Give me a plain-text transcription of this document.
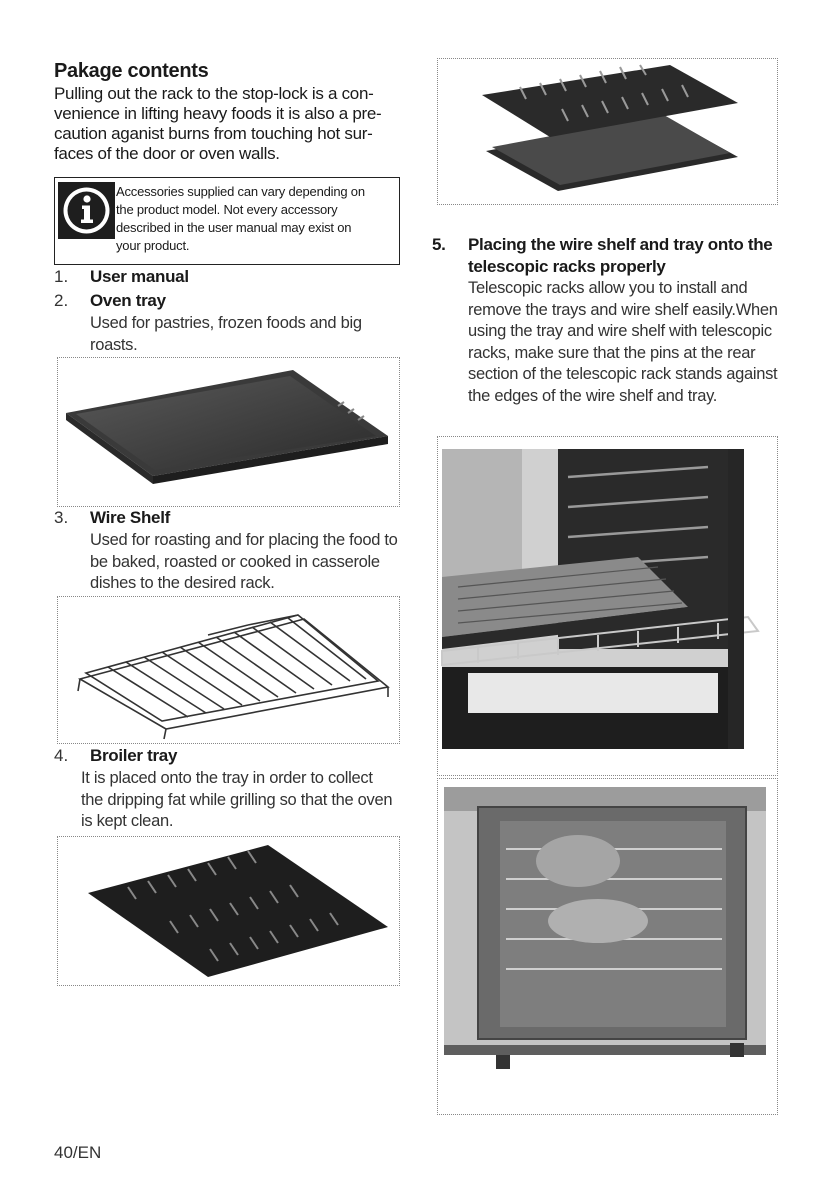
Pakage contents
Pulling out the rack to the stop-lock is a con-
venience in lifting heavy foods it is also a pre-
caution aganist burns from touching hot sur-
faces of the door or oven walls.
Accessories supplied can vary depending on
the product model. Not every accessory
described in the user manual may exist on
your product.
1. User manual
2. Oven tray
Used for pastries, frozen foods and big
roasts.
3. Wire Shelf
Used for roasting and for placing the food to
be baked, roasted or cooked in casserole
dishes to the desired rack.
4. Broiler tray
It is placed onto the tray in order to collect
the dripping fat while grilling so that the oven
is kept clean.
5. Placing the wire shelf and tray onto the
telescopic racks properly
Telescopic racks allow you to install and
remove the trays and wire shelf easily.When
using the tray and wire shelf with telescopic
racks, make sure that the pins at the rear
section of the telescopic rack stands against
the edges of the wire shelf and tray.
40/EN
